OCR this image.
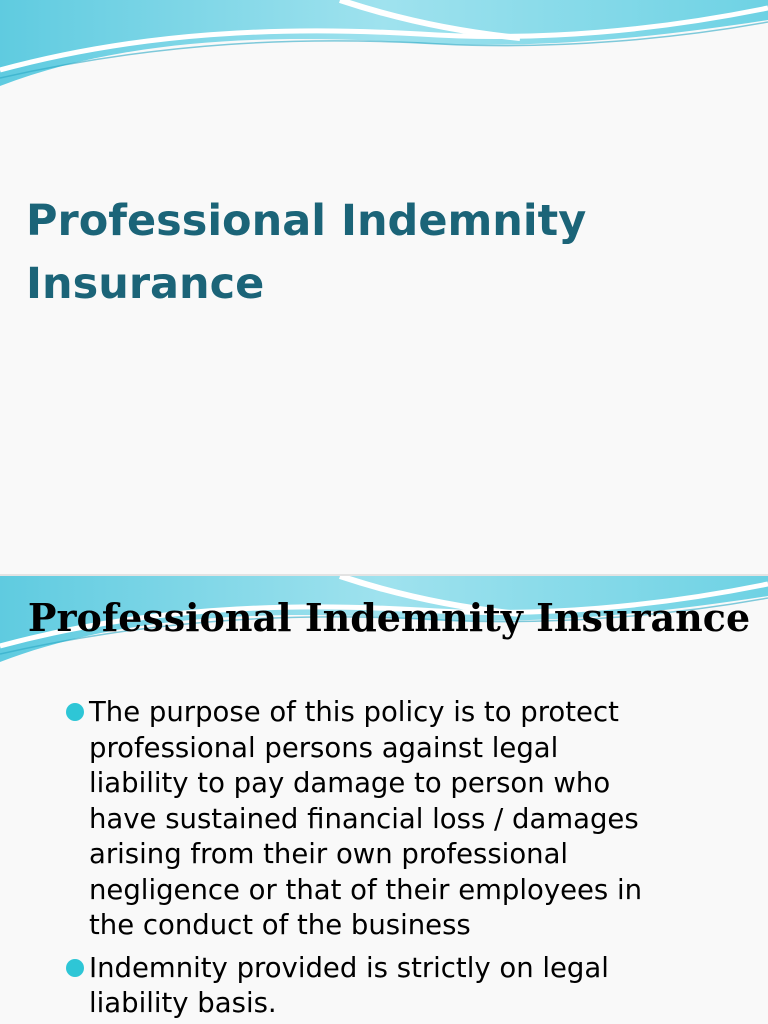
Professional Indemnity
Insurance
Professional Indemnity Insurance
The purpose of this policy is to protect
professional persons against legal
liability to pay damage to person who
have sustained financial loss / damages
arising from their own professional
negligence or that of their employees in
the conduct of the business
Indemnity provided is strictly on legal
liability basis.
